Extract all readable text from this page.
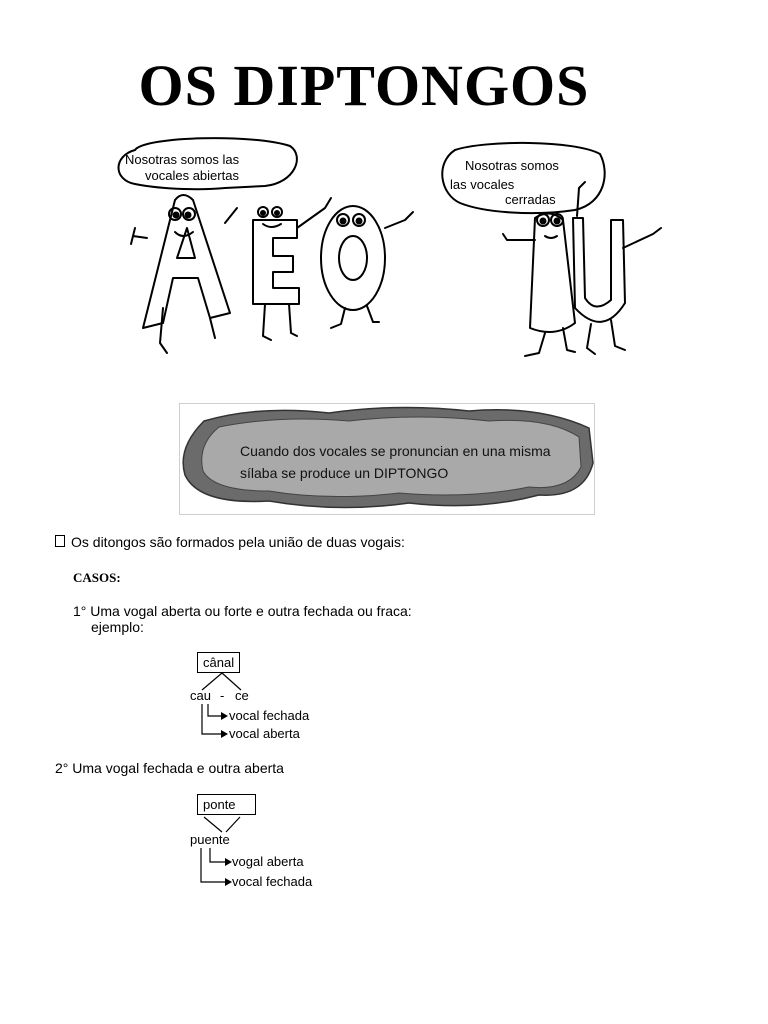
OS DIPTONGOS
Nosotras somos las
vocales abiertas
Nosotras somos
las vocales
cerradas
Cuando dos vocales se pronuncian en una misma
sílaba se produce un DIPTONGO
Os ditongos são formados pela união de duas vogais:
CASOS:
1° Uma vogal aberta ou forte e outra fechada ou fraca:
ejemplo:
cânal
cau - ce
vocal fechada
vocal aberta
2° Uma vogal fechada e outra aberta
ponte
puente
vogal aberta
vocal fechada
